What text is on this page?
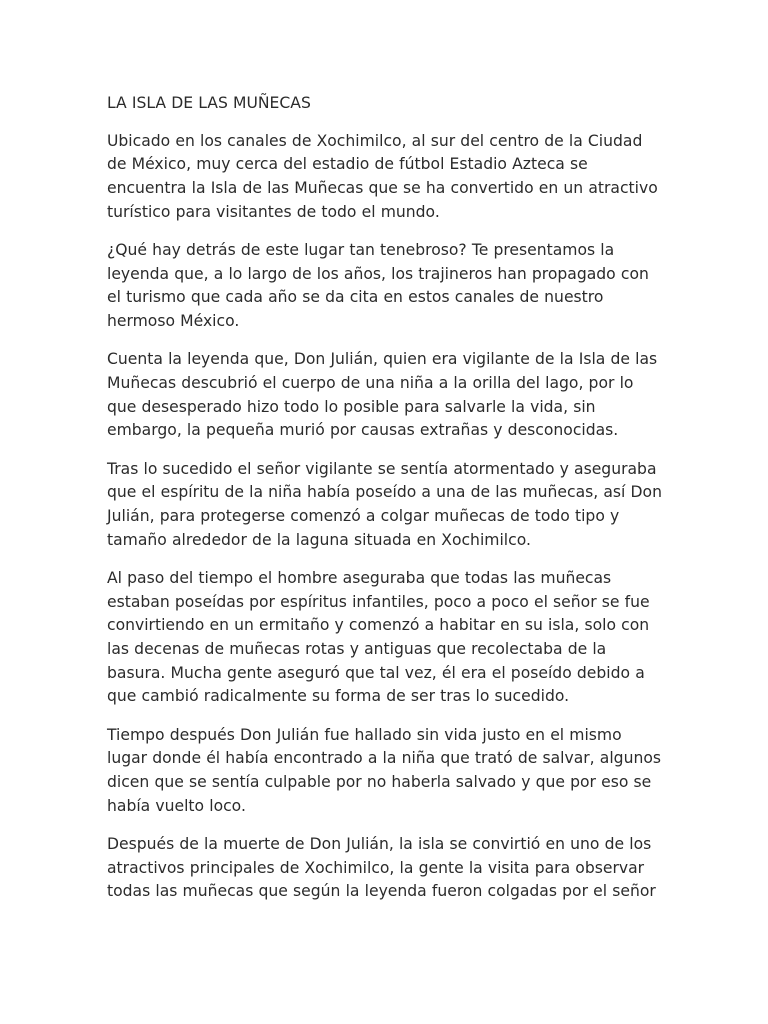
LA ISLA DE LAS MUÑECAS

Ubicado en los canales de Xochimilco, al sur del centro de la Ciudad
de México, muy cerca del estadio de fútbol Estadio Azteca se
encuentra la Isla de las Muñecas que se ha convertido en un atractivo
turístico para visitantes de todo el mundo.

¿Qué hay detrás de este lugar tan tenebroso? Te presentamos la
leyenda que, a lo largo de los años, los trajineros han propagado con
el turismo que cada año se da cita en estos canales de nuestro
hermoso México.

Cuenta la leyenda que, Don Julián, quien era vigilante de la Isla de las
Muñecas descubrió el cuerpo de una niña a la orilla del lago, por lo
que desesperado hizo todo lo posible para salvarle la vida, sin
embargo, la pequeña murió por causas extrañas y desconocidas.

Tras lo sucedido el señor vigilante se sentía atormentado y aseguraba
que el espíritu de la niña había poseído a una de las muñecas, así Don
Julián, para protegerse comenzó a colgar muñecas de todo tipo y
tamaño alrededor de la laguna situada en Xochimilco.

Al paso del tiempo el hombre aseguraba que todas las muñecas
estaban poseídas por espíritus infantiles, poco a poco el señor se fue
convirtiendo en un ermitaño y comenzó a habitar en su isla, solo con
las decenas de muñecas rotas y antiguas que recolectaba de la
basura. Mucha gente aseguró que tal vez, él era el poseído debido a
que cambió radicalmente su forma de ser tras lo sucedido.

Tiempo después Don Julián fue hallado sin vida justo en el mismo
lugar donde él había encontrado a la niña que trató de salvar, algunos
dicen que se sentía culpable por no haberla salvado y que por eso se
había vuelto loco.

Después de la muerte de Don Julián, la isla se convirtió en uno de los
atractivos principales de Xochimilco, la gente la visita para observar
todas las muñecas que según la leyenda fueron colgadas por el señor
